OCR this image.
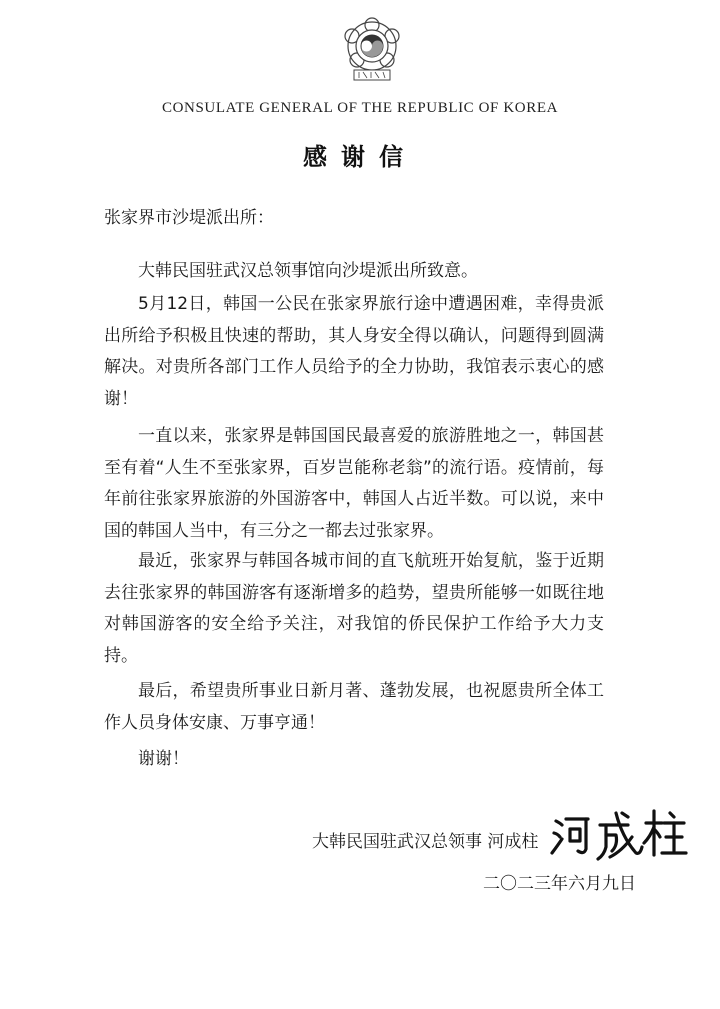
CONSULATE GENERAL OF THE REPUBLIC OF KOREA
感谢信
张家界市沙堤派出所：
大韩民国驻武汉总领事馆向沙堤派出所致意。
5月12日，韩国一公民在张家界旅行途中遭遇困难，幸得贵派出所给予积极且快速的帮助，其人身安全得以确认，问题得到圆满解决。对贵所各部门工作人员给予的全力协助，我馆表示衷心的感谢！
一直以来，张家界是韩国国民最喜爱的旅游胜地之一，韩国甚至有着“人生不至张家界，百岁岂能称老翁”的流行语。疫情前，每年前往张家界旅游的外国游客中，韩国人占近半数。可以说，来中国的韩国人当中，有三分之一都去过张家界。
最近，张家界与韩国各城市间的直飞航班开始复航，鉴于近期去往张家界的韩国游客有逐渐增多的趋势，望贵所能够一如既往地对韩国游客的安全给予关注，对我馆的侨民保护工作给予大力支持。
最后，希望贵所事业日新月著、蓬勃发展，也祝愿贵所全体工作人员身体安康、万事亨通！
谢谢！
大韩民国驻武汉总领事 河成柱
二〇二三年六月九日
